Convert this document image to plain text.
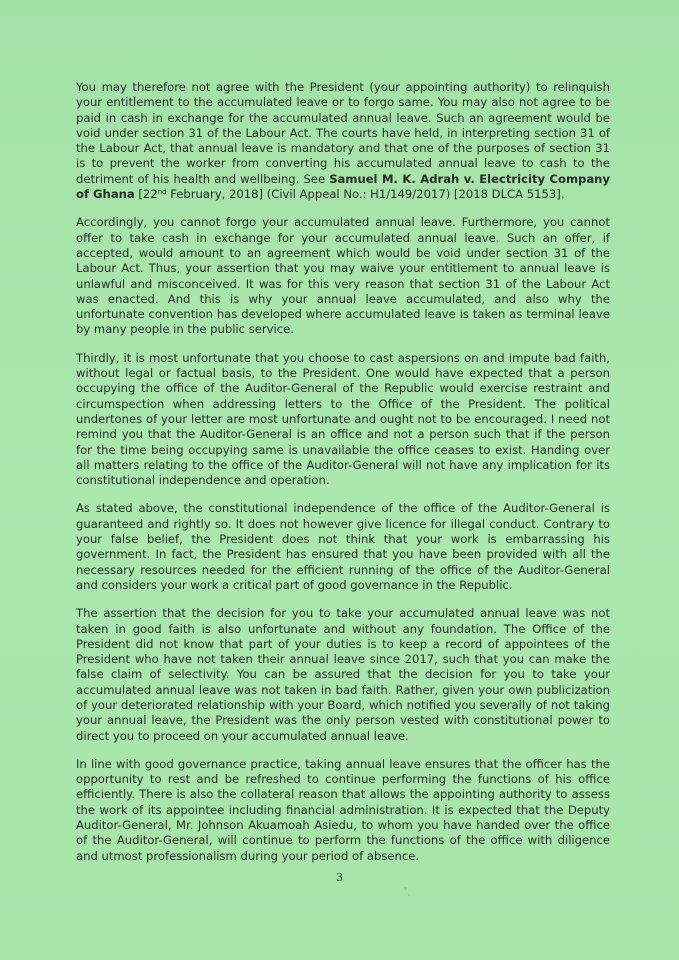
You may therefore not agree with the President (your appointing authority) to relinquish your entitlement to the accumulated leave or to forgo same. You may also not agree to be paid in cash in exchange for the accumulated annual leave. Such an agreement would be void under section 31 of the Labour Act. The courts have held, in interpreting section 31 of the Labour Act, that annual leave is mandatory and that one of the purposes of section 31 is to prevent the worker from converting his accumulated annual leave to cash to the detriment of his health and wellbeing. See Samuel M. K. Adrah v. Electricity Company of Ghana [22nd February, 2018] (Civil Appeal No.: H1/149/2017) [2018 DLCA 5153].

Accordingly, you cannot forgo your accumulated annual leave. Furthermore, you cannot offer to take cash in exchange for your accumulated annual leave. Such an offer, if accepted, would amount to an agreement which would be void under section 31 of the Labour Act. Thus, your assertion that you may waive your entitlement to annual leave is unlawful and misconceived. It was for this very reason that section 31 of the Labour Act was enacted. And this is why your annual leave accumulated, and also why the unfortunate convention has developed where accumulated leave is taken as terminal leave by many people in the public service.

Thirdly, it is most unfortunate that you choose to cast aspersions on and impute bad faith, without legal or factual basis, to the President. One would have expected that a person occupying the office of the Auditor-General of the Republic would exercise restraint and circumspection when addressing letters to the Office of the President. The political undertones of your letter are most unfortunate and ought not to be encouraged. I need not remind you that the Auditor-General is an office and not a person such that if the person for the time being occupying same is unavailable the office ceases to exist. Handing over all matters relating to the office of the Auditor-General will not have any implication for its constitutional independence and operation.

As stated above, the constitutional independence of the office of the Auditor-General is guaranteed and rightly so. It does not however give licence for illegal conduct. Contrary to your false belief, the President does not think that your work is embarrassing his government. In fact, the President has ensured that you have been provided with all the necessary resources needed for the efficient running of the office of the Auditor-General and considers your work a critical part of good governance in the Republic.

The assertion that the decision for you to take your accumulated annual leave was not taken in good faith is also unfortunate and without any foundation. The Office of the President did not know that part of your duties is to keep a record of appointees of the President who have not taken their annual leave since 2017, such that you can make the false claim of selectivity. You can be assured that the decision for you to take your accumulated annual leave was not taken in bad faith. Rather, given your own publicization of your deteriorated relationship with your Board, which notified you severally of not taking your annual leave, the President was the only person vested with constitutional power to direct you to proceed on your accumulated annual leave.

In line with good governance practice, taking annual leave ensures that the officer has the opportunity to rest and be refreshed to continue performing the functions of his office efficiently. There is also the collateral reason that allows the appointing authority to assess the work of its appointee including financial administration. It is expected that the Deputy Auditor-General, Mr. Johnson Akuamoah Asiedu, to whom you have handed over the office of the Auditor-General, will continue to perform the functions of the office with diligence and utmost professionalism during your period of absence.

3
